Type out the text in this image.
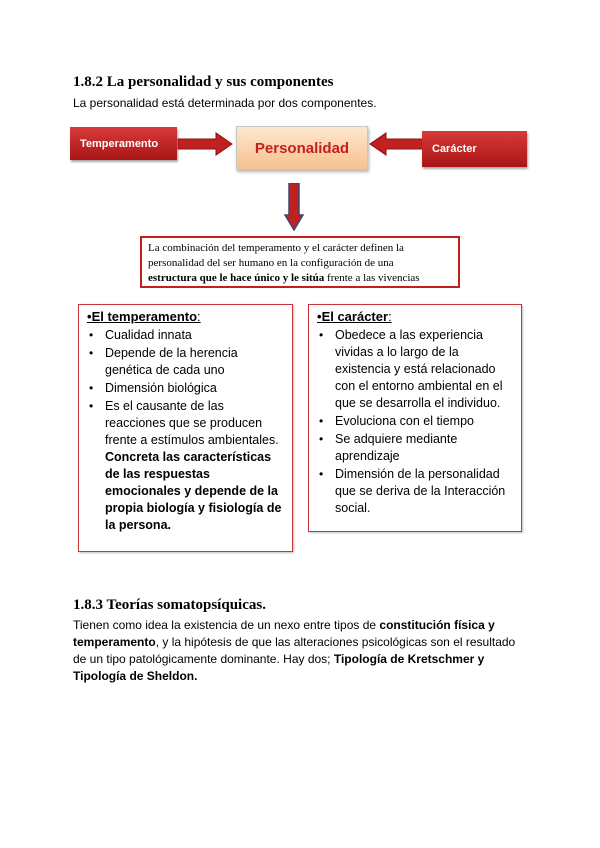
1.8.2 La personalidad y sus componentes
La personalidad está determinada por dos componentes.
Temperamento	Personalidad	Carácter
La combinación del temperamento y el carácter definen la
personalidad del ser humano en la configuración de una
estructura que le hace único y le sitúa frente a las vivencias
•El temperamento:
• Cualidad innata
• Depende de la herencia genética de cada uno
• Dimensión biológica
• Es el causante de las reacciones que se producen frente a estímulos ambientales. Concreta las características de las respuestas emocionales y depende de la propia biología y fisiología de la persona.
•El carácter:
• Obedece a las experiencia vividas a lo largo de la existencia y está relacionado con el entorno ambiental en el que se desarrolla el individuo.
• Evoluciona con el tiempo
• Se adquiere mediante aprendizaje
• Dimensión de la personalidad que se deriva de la Interacción social.
1.8.3 Teorías somatopsíquicas.
Tienen como idea la existencia de un nexo entre tipos de constitución física y temperamento, y la hipótesis de que las alteraciones psicológicas son el resultado de un tipo patológicamente dominante. Hay dos; Tipología de Kretschmer y Tipología de Sheldon.
